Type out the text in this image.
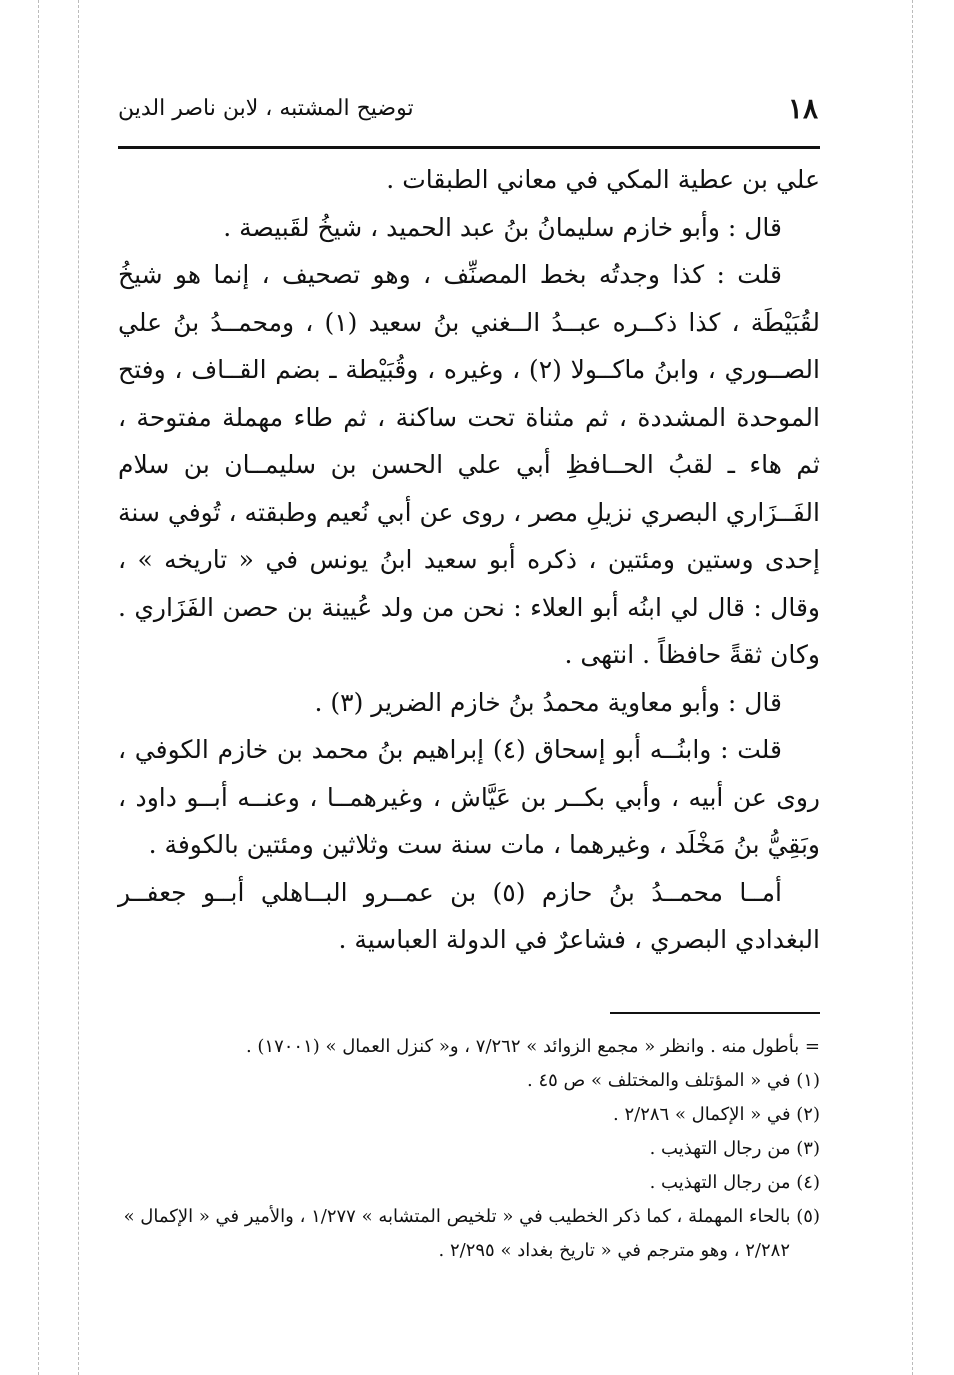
١٨
توضيح المشتبه ، لابن ناصر الدين

علي بن عطية المكي في معاني الطبقات .

قال : وأبو خازم سليمانُ بنُ عبد الحميد ، شيخُ لقَبيصة .

قلت : كذا وجدتُه بخط المصنِّف ، وهو تصحيف ، إنما هو شيخُ لقُبَيْطَة ، كذا ذكــره عبــدُ الــغني بنُ سعيد (١) ، ومحمــدُ بنُ علي الصــوري ، وابنُ ماكــولا (٢) ، وغيره ، وقُبَيْطة ـ بضم القــاف ، وفتح الموحدة المشددة ، ثم مثناة تحت ساكنة ، ثم طاء مهملة مفتوحة ، ثم هاء ـ لقبُ الحــافظِ أبي علي الحسن بن سليمــان بن سلام الفَــزَاري البصري نزيلِ مصر ، روى عن أبي نُعيم وطبقته ، تُوفي سنة إحدى وستين ومئتين ، ذكره أبو سعيد ابنُ يونس في « تاريخه » ، وقال : قال لي ابنُه أبو العلاء : نحن من ولد عُيينة بن حصن الفَزَاري . وكان ثقةً حافظاً . انتهى .

قال : وأبو معاوية محمدُ بنُ خازم الضرير (٣) .

قلت : وابنُــه أبو إسحاق (٤) إبراهيم بنُ محمد بن خازم الكوفي ، روى عن أبيه ، وأبي بكــر بن عَيَّاش ، وغيرهمــا ، وعنــه أبــو داود ، وبَقِيُّ بنُ مَخْلَد ، وغيرهما ، مات سنة ست وثلاثين ومئتين بالكوفة .

أمــا محمــدُ بنُ حازم (٥) بن عمــرو البــاهلي أبــو جعفــر البغدادي البصري ، فشاعرٌ في الدولة العباسية .

= بأطول منه . وانظر « مجمع الزوائد » ٧/٢٦٢ ، و« كنزل العمال » (١٧٠٠١) .

(١) في « المؤتلف والمختلف » ص ٤٥ .

(٢) في « الإكمال » ٢/٢٨٦ .

(٣) من رجال التهذيب .

(٤) من رجال التهذيب .

(٥) بالحاء المهملة ، كما ذكر الخطيب في « تلخيص المتشابه » ١/٢٧٧ ، والأمير في « الإكمال »

٢/٢٨٢ ، وهو مترجم في « تاريخ بغداد » ٢/٢٩٥ .
